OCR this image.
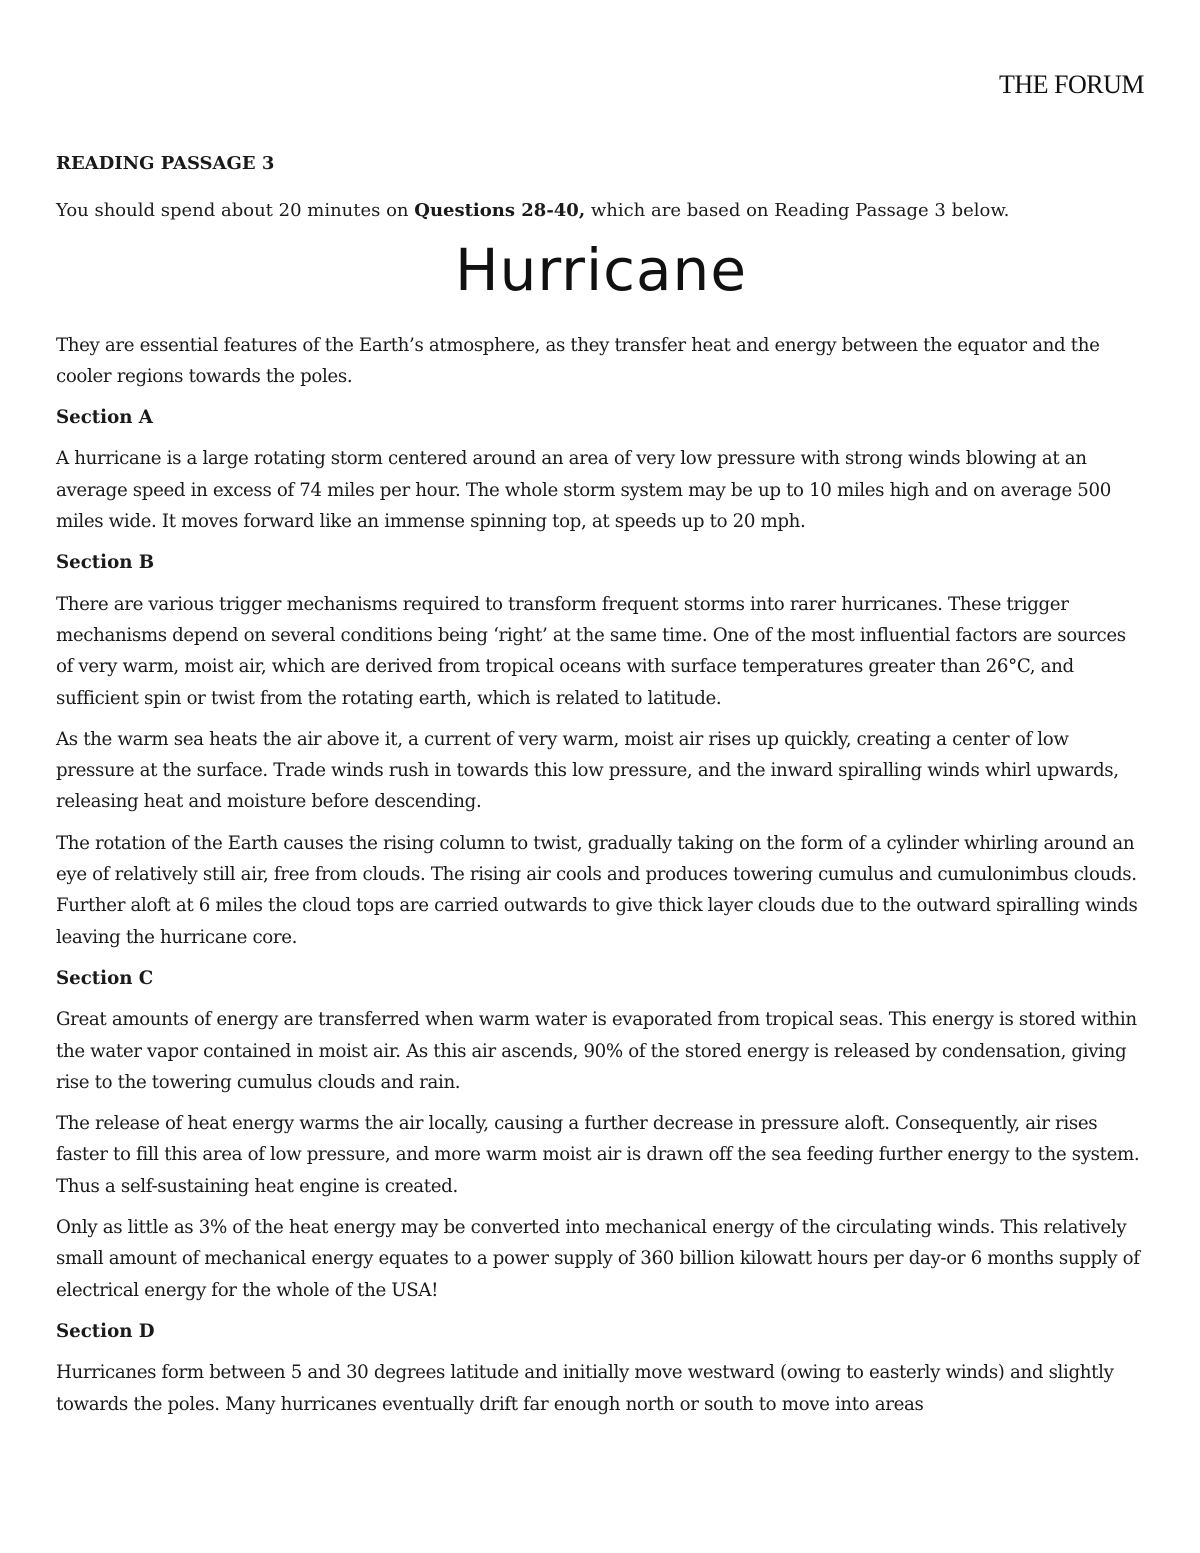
THE FORUM
READING PASSAGE 3
You should spend about 20 minutes on Questions 28-40, which are based on Reading Passage 3 below.
Hurricane

They are essential features of the Earth’s atmosphere, as they transfer heat and energy between the equator and the cooler regions towards the poles.

Section A

A hurricane is a large rotating storm centered around an area of very low pressure with strong winds blowing at an average speed in excess of 74 miles per hour. The whole storm system may be up to 10 miles high and on average 500 miles wide. It moves forward like an immense spinning top, at speeds up to 20 mph.

Section B

There are various trigger mechanisms required to transform frequent storms into rarer hurricanes. These trigger mechanisms depend on several conditions being ‘right’ at the same time. One of the most influential factors are sources of very warm, moist air, which are derived from tropical oceans with surface temperatures greater than 26°C, and sufficient spin or twist from the rotating earth, which is related to latitude.

As the warm sea heats the air above it, a current of very warm, moist air rises up quickly, creating a center of low pressure at the surface. Trade winds rush in towards this low pressure, and the inward spiralling winds whirl upwards, releasing heat and moisture before descending.

The rotation of the Earth causes the rising column to twist, gradually taking on the form of a cylinder whirling around an eye of relatively still air, free from clouds. The rising air cools and produces towering cumulus and cumulonimbus clouds. Further aloft at 6 miles the cloud tops are carried outwards to give thick layer clouds due to the outward spiralling winds leaving the hurricane core.

Section C

Great amounts of energy are transferred when warm water is evaporated from tropical seas. This energy is stored within the water vapor contained in moist air. As this air ascends, 90% of the stored energy is released by condensation, giving rise to the towering cumulus clouds and rain.

The release of heat energy warms the air locally, causing a further decrease in pressure aloft. Consequently, air rises faster to fill this area of low pressure, and more warm moist air is drawn off the sea feeding further energy to the system. Thus a self-sustaining heat engine is created.

Only as little as 3% of the heat energy may be converted into mechanical energy of the circulating winds. This relatively small amount of mechanical energy equates to a power supply of 360 billion kilowatt hours per day-or 6 months supply of electrical energy for the whole of the USA!

Section D

Hurricanes form between 5 and 30 degrees latitude and initially move westward (owing to easterly winds) and slightly towards the poles. Many hurricanes eventually drift far enough north or south to move into areas
